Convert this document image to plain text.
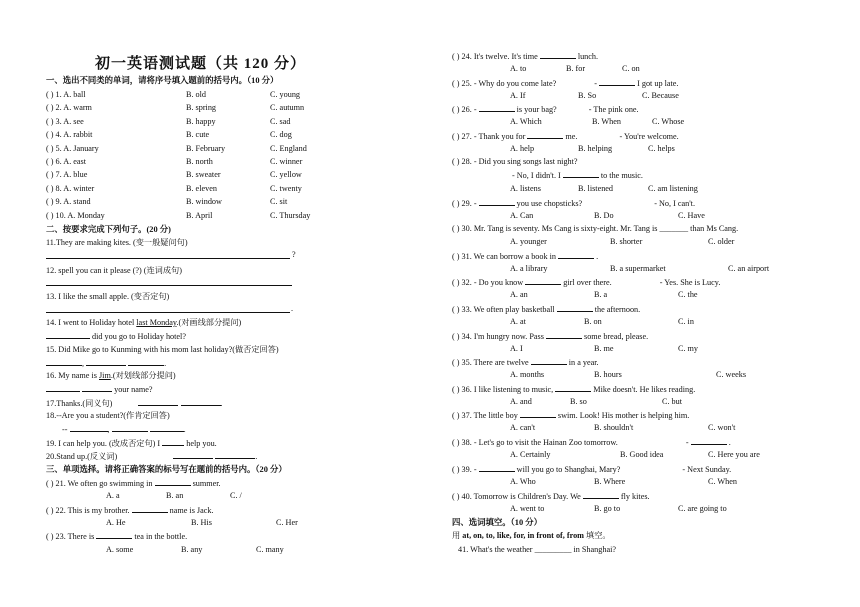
初一英语测试题（共 120 分）
一、选出不同类的单词，请将序号填入题前的括号内。（10 分）
( ) 1. A. ball	B. old	C. young
( ) 2. A. warm	B. spring	C. autumn
( ) 3. A. see	B. happy	C. sad
( ) 4. A. rabbit	B. cute	C. dog
( ) 5. A. January	B. February	C. England
( ) 6. A. east	B. north	C. winner
( ) 7. A. blue	B. sweater	C. yellow
( ) 8. A. winter	B. eleven	C. twenty
( ) 9. A. stand	B. window	C. sit
( ) 10. A. Monday	B. April	C. Thursday
二、按要求完成下列句子。(20 分)
11.They are making kites. (变一般疑问句)
?
12. spell you can it please (?) (连词成句)
13. I like the small apple. (变否定句)
.
14. I went to Holiday hotel last Monday.(对画线部分提问)
did you go to Holiday hotel?
15. Did Mike go to Kunming with his mom last holiday?(做否定回答)
,	.
16. My name is Jim.(对划线部分提问)
your name?
17.Thanks.(同义句)	.
18.--Are you a student?(作肯定回答)
--	,	.
19. I can help you. (改成否定句) I	help you.
20.Stand up.(反义词)	.
三、单项选择。请将正确答案的标号写在题前的括号内。（20 分）
( ) 21. We often go swimming in	summer.
A. a	B. an	C. /
( ) 22. This is my brother.	name is Jack.
A. He	B. His	C. Her
( ) 23. There is	tea in the bottle.
A. some	B. any	C. many
( ) 24. It's twelve. It's time	lunch.
A. to	B. for	C. on
( ) 25. - Why do you come late?	-	I got up late.
A. If	B. So	C. Because
( ) 26. -	is your bag?	- The pink one.
A. Which	B. When	C. Whose
( ) 27. - Thank you for	me.	- You're welcome.
A. help	B. helping	C. helps
( ) 28. - Did you sing songs last night?
- No, I didn't. I	to the music.
A. listens	B. listened	C. am listening
( ) 29. -	you use chopsticks?	- No, I can't.
A. Can	B. Do	C. Have
( ) 30. Mr. Tang is seventy. Ms Cang is sixty-eight. Mr. Tang is _______ than Ms Cang.
A. younger	B. shorter	C. older
( ) 31. We can borrow a book in	.
A. a library	B. a supermarket	C. an airport
( ) 32. - Do you know	girl over there.	- Yes. She is Lucy.
A. an	B. a	C. the
( ) 33. We often play basketball	the afternoon.
A. at	B. on	C. in
( ) 34. I'm hungry now. Pass	some bread, please.
A. I	B. me	C. my
( ) 35. There are twelve	in a year.
A. months	B. hours	C. weeks
( ) 36. I like listening to music,	Mike doesn't. He likes reading.
A. and	B. so	C. but
( ) 37. The little boy	swim. Look! His mother is helping him.
A. can't	B. shouldn't	C. won't
( ) 38. - Let's go to visit the Hainan Zoo tomorrow.	-	.
A. Certainly	B. Good idea	C. Here you are
( ) 39. -	will you go to Shanghai, Mary?	- Next Sunday.
A. Who	B. Where	C. When
( ) 40. Tomorrow is Children's Day. We	fly kites.
A. went to	B. go to	C. are going to
四、选词填空。（10 分）
用 at, on, to, like, for, in front of, from 填空。
41. What's the weather _________ in Shanghai?
